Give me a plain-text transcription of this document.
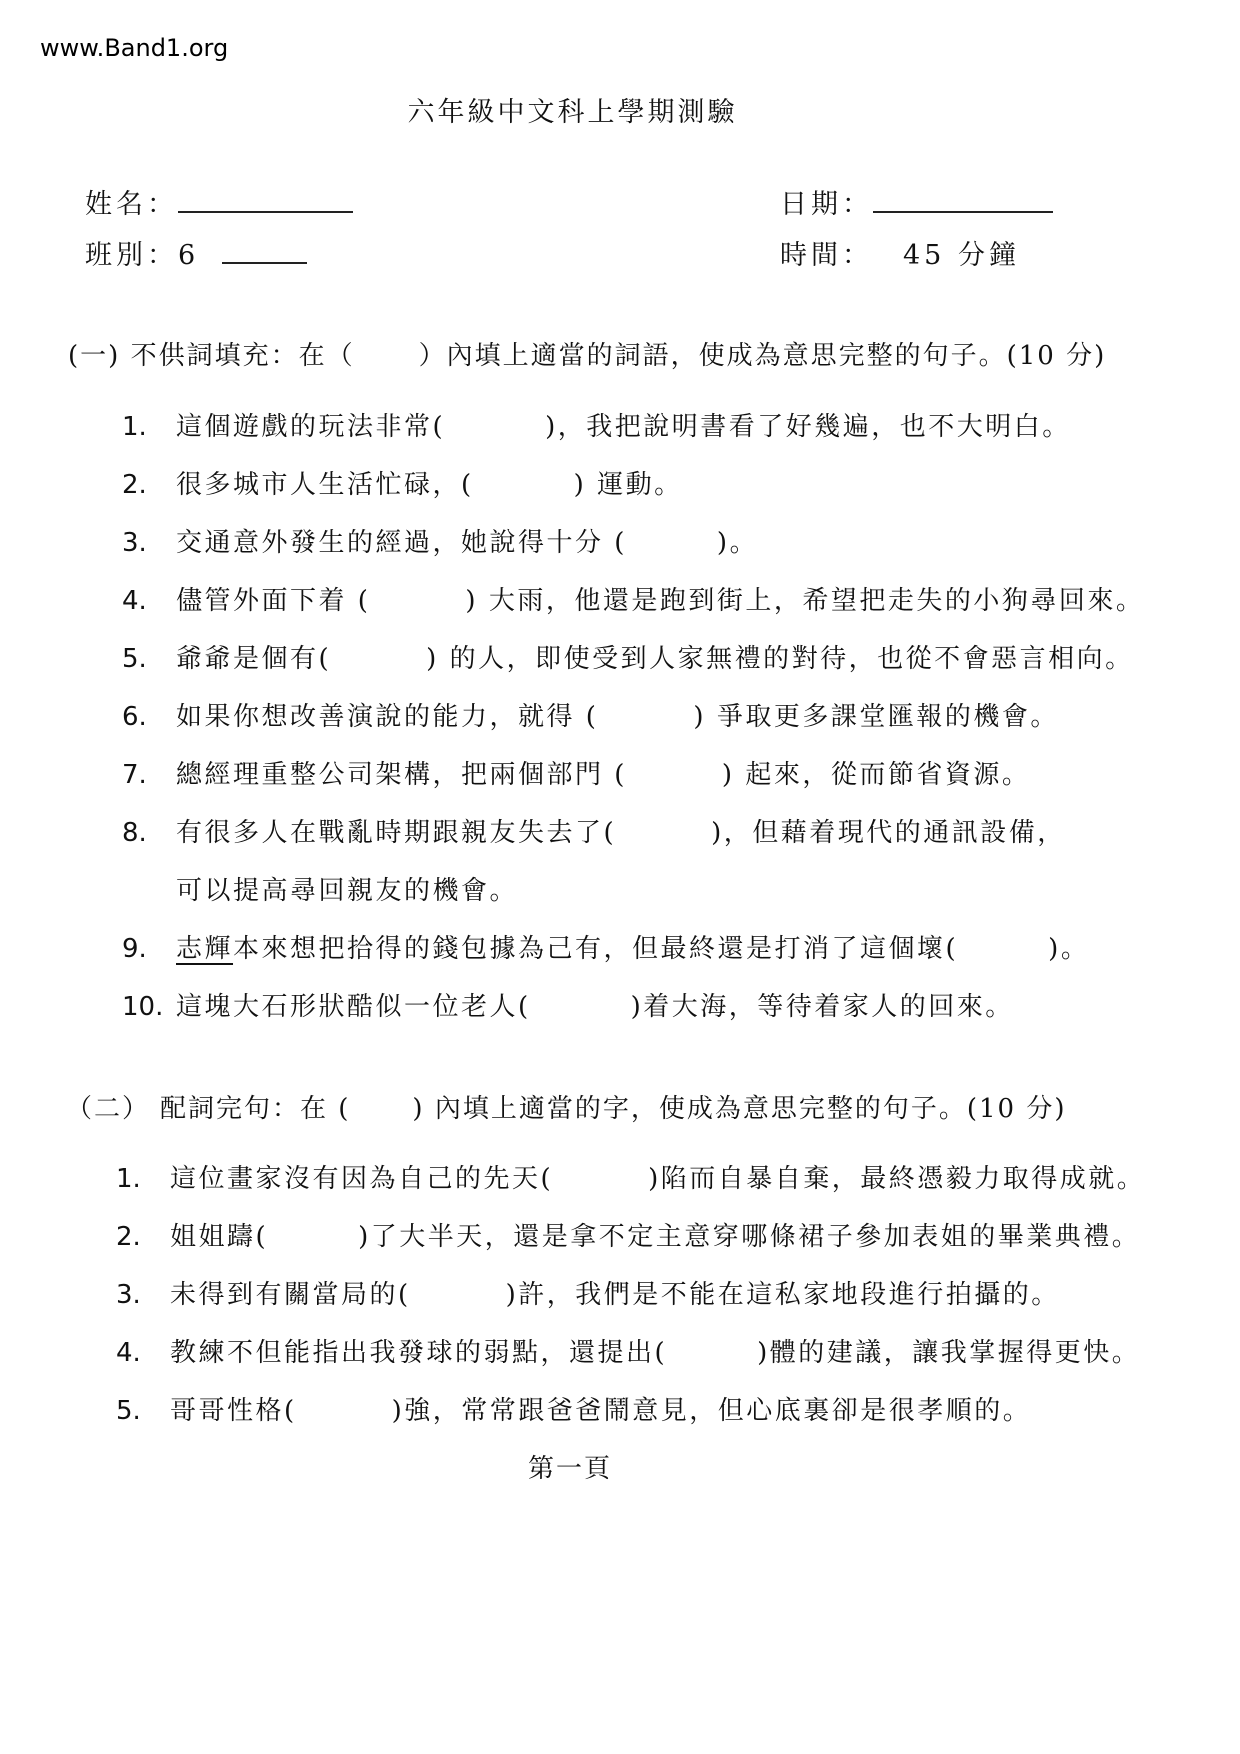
www.Band1.org
六年級中文科上學期測驗
姓名：	日期：
班別：6	時間： 45 分鐘
(一) 不供詞填充：在（ ）內填上適當的詞語，使成為意思完整的句子。(10 分)
1. 這個遊戲的玩法非常(	)，我把說明書看了好幾遍，也不大明白。
2. 很多城市人生活忙碌，(	) 運動。
3. 交通意外發生的經過，她說得十分 (	)。
4. 儘管外面下着 (	) 大雨，他還是跑到街上，希望把走失的小狗尋回來。
5. 爺爺是個有(	) 的人，即使受到人家無禮的對待，也從不會惡言相向。
6. 如果你想改善演說的能力，就得 (	) 爭取更多課堂匯報的機會。
7. 總經理重整公司架構，把兩個部門 (	) 起來，從而節省資源。
8. 有很多人在戰亂時期跟親友失去了(	)，但藉着現代的通訊設備，
可以提高尋回親友的機會。
9. 志輝本來想把拾得的錢包據為己有，但最終還是打消了這個壞(	)。
10. 這塊大石形狀酷似一位老人(	)着大海，等待着家人的回來。
（二） 配詞完句：在 ( ) 內填上適當的字，使成為意思完整的句子。(10 分)
1. 這位畫家沒有因為自己的先天(	)陷而自暴自棄，最終憑毅力取得成就。
2. 姐姐躊(	)了大半天，還是拿不定主意穿哪條裙子參加表姐的畢業典禮。
3. 未得到有關當局的(	)許，我們是不能在這私家地段進行拍攝的。
4. 教練不但能指出我發球的弱點，還提出(	)體的建議，讓我掌握得更快。
5. 哥哥性格(	)強，常常跟爸爸鬧意見，但心底裏卻是很孝順的。
第一頁
